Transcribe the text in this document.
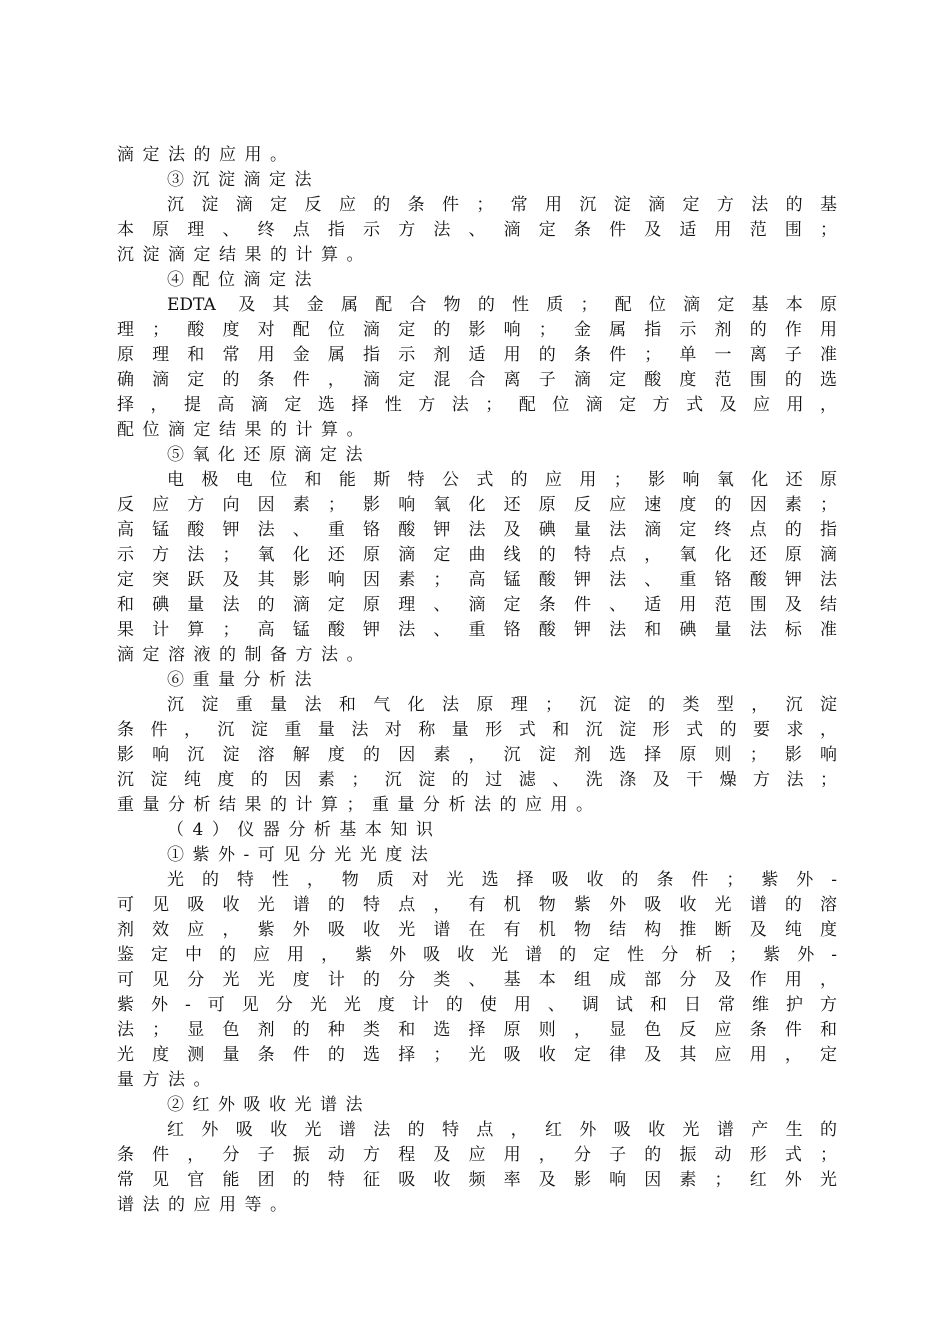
滴定法的应用。
③沉淀滴定法
沉淀滴定反应的条件；常用沉淀滴定方法的基
本原理、终点指示方法、滴定条件及适用范围；
沉淀滴定结果的计算。
④配位滴定法
EDTA 及其金属配合物的性质；配位滴定基本原
理；酸度对配位滴定的影响；金属指示剂的作用
原理和常用金属指示剂适用的条件；单一离子准
确滴定的条件，滴定混合离子滴定酸度范围的选
择，提高滴定选择性方法；配位滴定方式及应用，
配位滴定结果的计算。
⑤氧化还原滴定法
电极电位和能斯特公式的应用；影响氧化还原
反应方向因素；影响氧化还原反应速度的因素；
高锰酸钾法、重铬酸钾法及碘量法滴定终点的指
示方法；氧化还原滴定曲线的特点，氧化还原滴
定突跃及其影响因素；高锰酸钾法、重铬酸钾法
和碘量法的滴定原理、滴定条件、适用范围及结
果计算；高锰酸钾法、重铬酸钾法和碘量法标准
滴定溶液的制备方法。
⑥重量分析法
沉淀重量法和气化法原理；沉淀的类型，沉淀
条件，沉淀重量法对称量形式和沉淀形式的要求，
影响沉淀溶解度的因素，沉淀剂选择原则；影响
沉淀纯度的因素；沉淀的过滤、洗涤及干燥方法；
重量分析结果的计算；重量分析法的应用。
（4）仪器分析基本知识
①紫外-可见分光光度法
光的特性，物质对光选择吸收的条件；紫外-
可见吸收光谱的特点，有机物紫外吸收光谱的溶
剂效应，紫外吸收光谱在有机物结构推断及纯度
鉴定中的应用，紫外吸收光谱的定性分析；紫外-
可见分光光度计的分类、基本组成部分及作用，
紫外-可见分光光度计的使用、调试和日常维护方
法；显色剂的种类和选择原则，显色反应条件和
光度测量条件的选择；光吸收定律及其应用，定
量方法。
②红外吸收光谱法
红外吸收光谱法的特点，红外吸收光谱产生的
条件，分子振动方程及应用，分子的振动形式；
常见官能团的特征吸收频率及影响因素；红外光
谱法的应用等。
